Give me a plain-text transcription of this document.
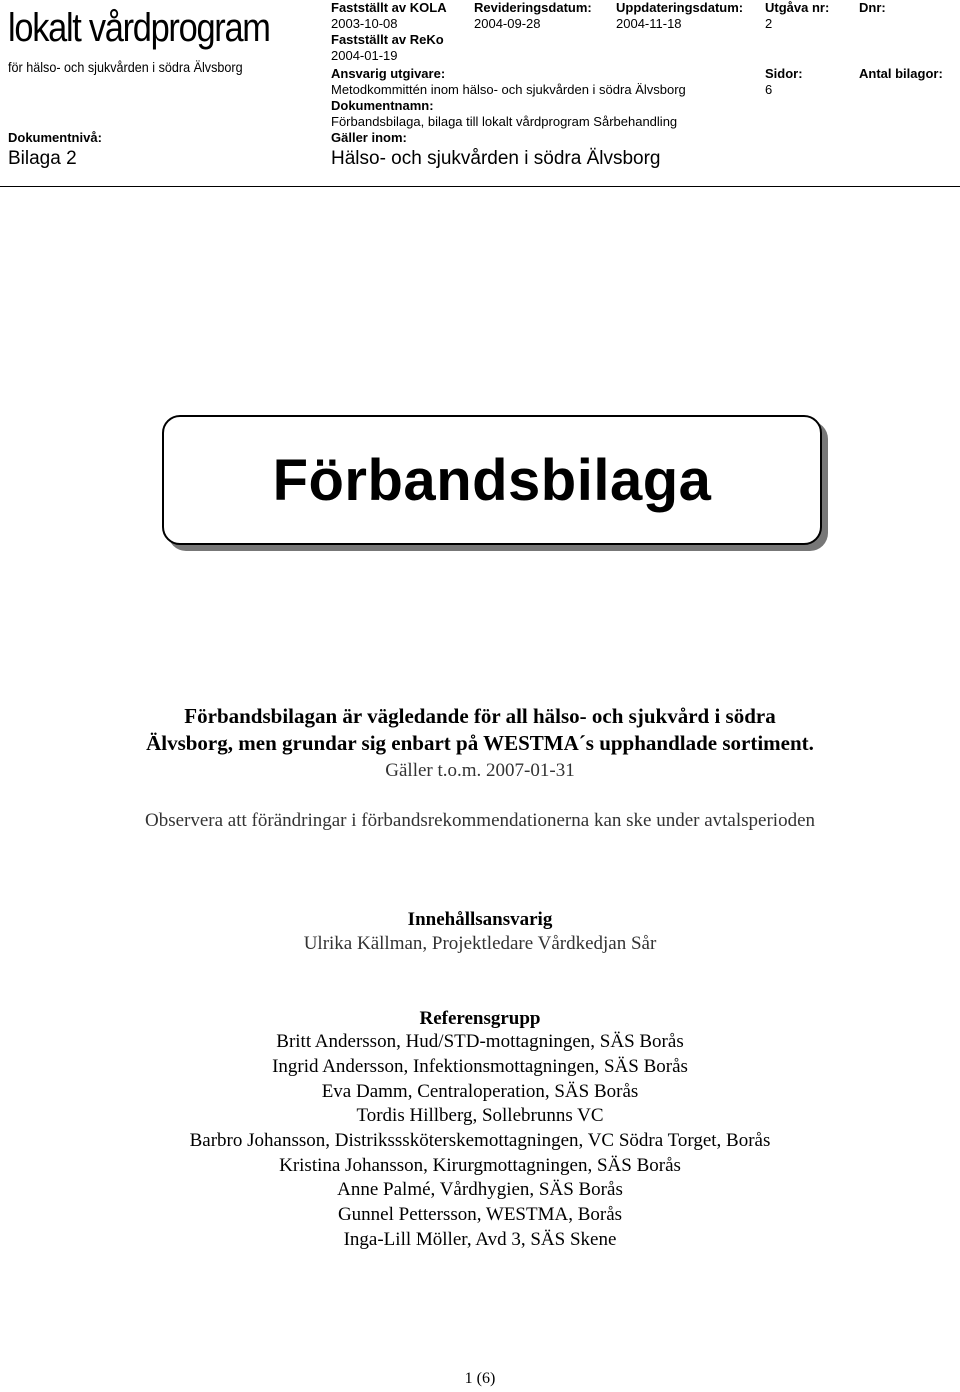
lokalt vårdprogram
för hälso- och sjukvården i södra Älvsborg
Dokumentnivå:
Bilaga 2
Fastställt av KOLA
2003-10-08
Fastställt av ReKo
2004-01-19
Revideringsdatum:
2004-09-28
Uppdateringsdatum:
2004-11-18
Utgåva nr:
2
Dnr:
Ansvarig utgivare:
Metodkommittén inom hälso- och sjukvården i södra Älvsborg
Sidor:
6
Antal bilagor:
Dokumentnamn:
Förbandsbilaga, bilaga till lokalt vårdprogram Sårbehandling
Gäller inom:
Hälso- och sjukvården i södra Älvsborg
Förbandsbilaga
Förbandsbilagan är vägledande för all hälso- och sjukvård i södra
Älvsborg, men grundar sig enbart på WESTMA´s upphandlade sortiment.
Gäller t.o.m. 2007-01-31
Observera att förändringar i förbandsrekommendationerna kan ske under avtalsperioden
Innehållsansvarig
Ulrika Källman, Projektledare Vårdkedjan Sår
Referensgrupp
Britt Andersson, Hud/STD-mottagningen, SÄS Borås
Ingrid Andersson, Infektionsmottagningen, SÄS Borås
Eva Damm, Centraloperation, SÄS Borås
Tordis Hillberg, Sollebrunns VC
Barbro Johansson, Distriksssköterskemottagningen, VC Södra Torget, Borås
Kristina Johansson, Kirurgmottagningen, SÄS Borås
Anne Palmé, Vårdhygien, SÄS Borås
Gunnel Pettersson, WESTMA, Borås
Inga-Lill Möller, Avd 3, SÄS Skene
1 (6)
